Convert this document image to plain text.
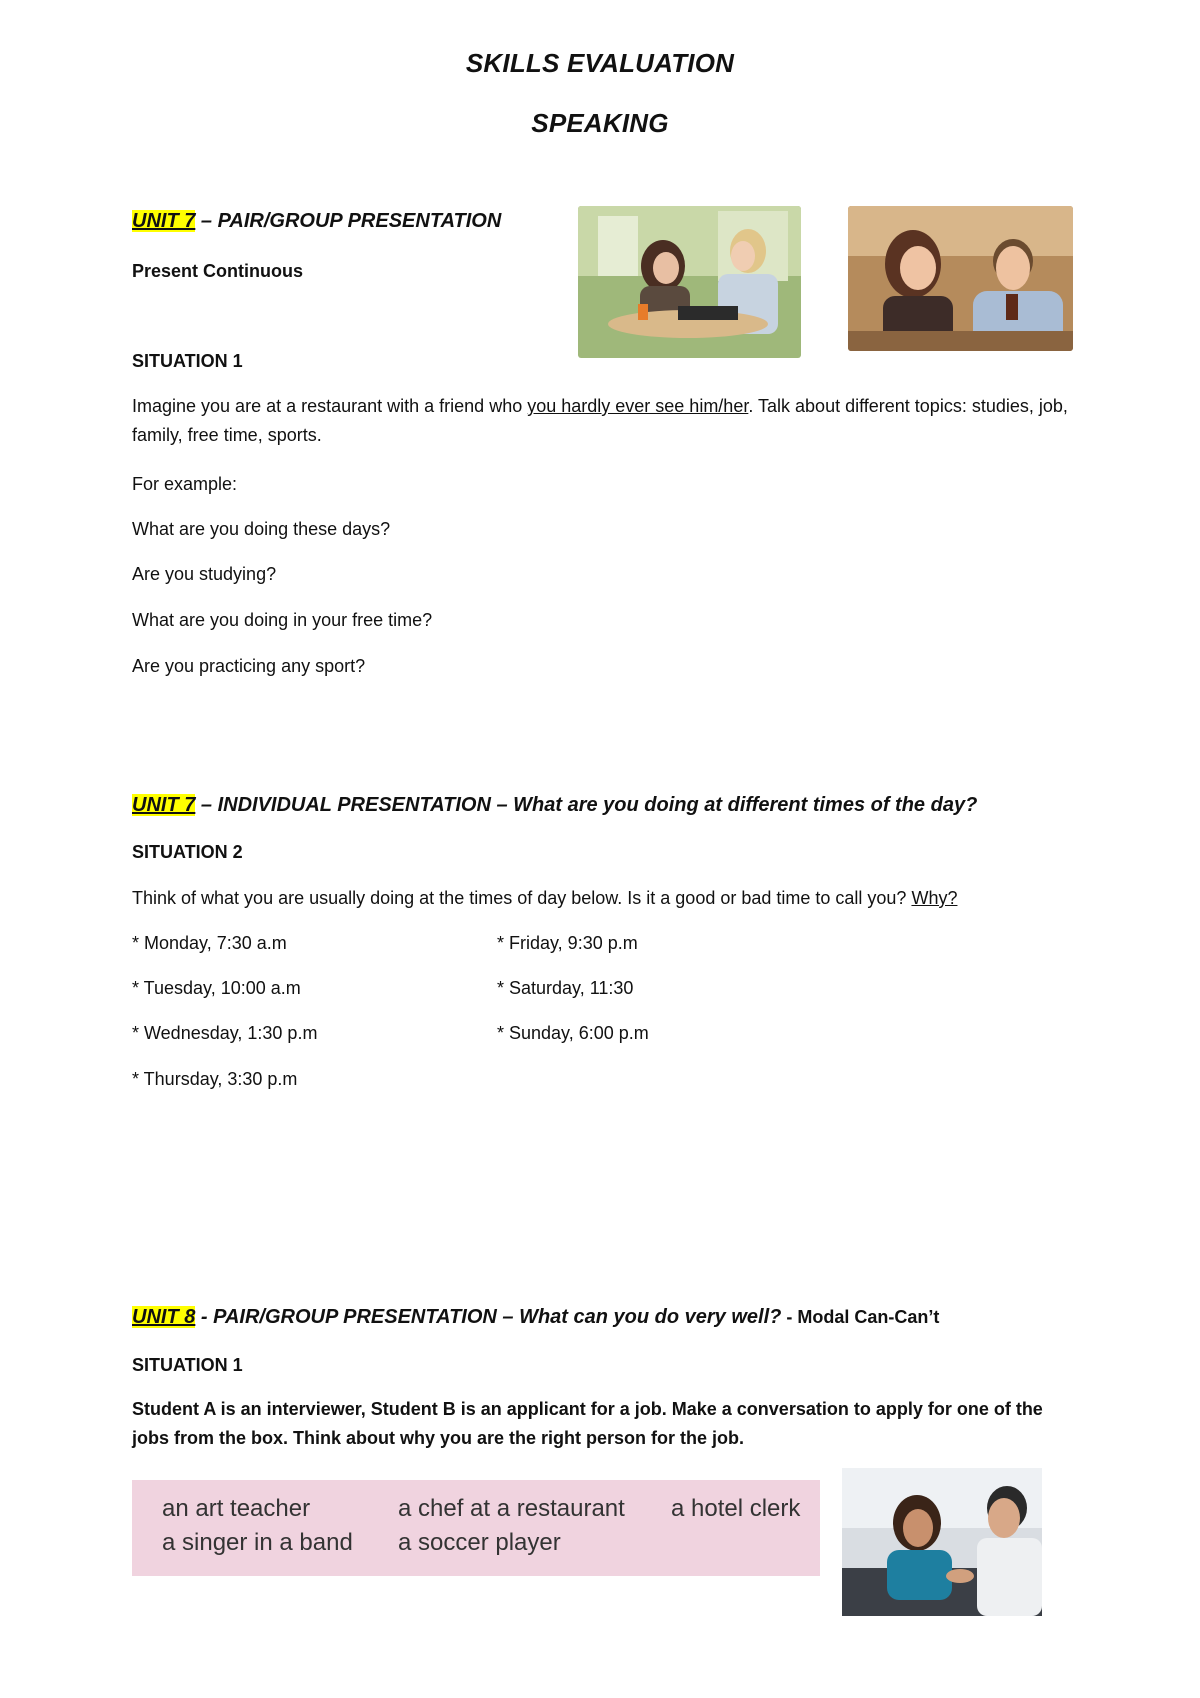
SKILLS EVALUATION
SPEAKING
UNIT 7 – PAIR/GROUP PRESENTATION
Present Continuous
SITUATION 1
Imagine you are at a restaurant with a friend who you hardly ever see him/her. Talk about different topics: studies, job, family, free time, sports.
For example:
What are you doing these days?
Are you studying?
What are you doing in your free time?
Are you practicing any sport?
UNIT 7 – INDIVIDUAL PRESENTATION – What are you doing at different times of the day?
SITUATION 2
Think of what you are usually doing at the times of day below. Is it a good or bad time to call you? Why?
* Monday, 7:30 a.m
* Tuesday, 10:00 a.m
* Wednesday, 1:30 p.m
* Thursday, 3:30 p.m
* Friday, 9:30 p.m
* Saturday, 11:30
* Sunday, 6:00 p.m
UNIT 8 - PAIR/GROUP PRESENTATION – What can you do very well? - Modal Can-Can’t
SITUATION 1
Student A is an interviewer, Student B is an applicant for a job. Make a conversation to apply for one of the jobs from the box. Think about why you are the right person for the job.
an art teacher	a chef at a restaurant a hotel clerk
a singer in a band a soccer player
